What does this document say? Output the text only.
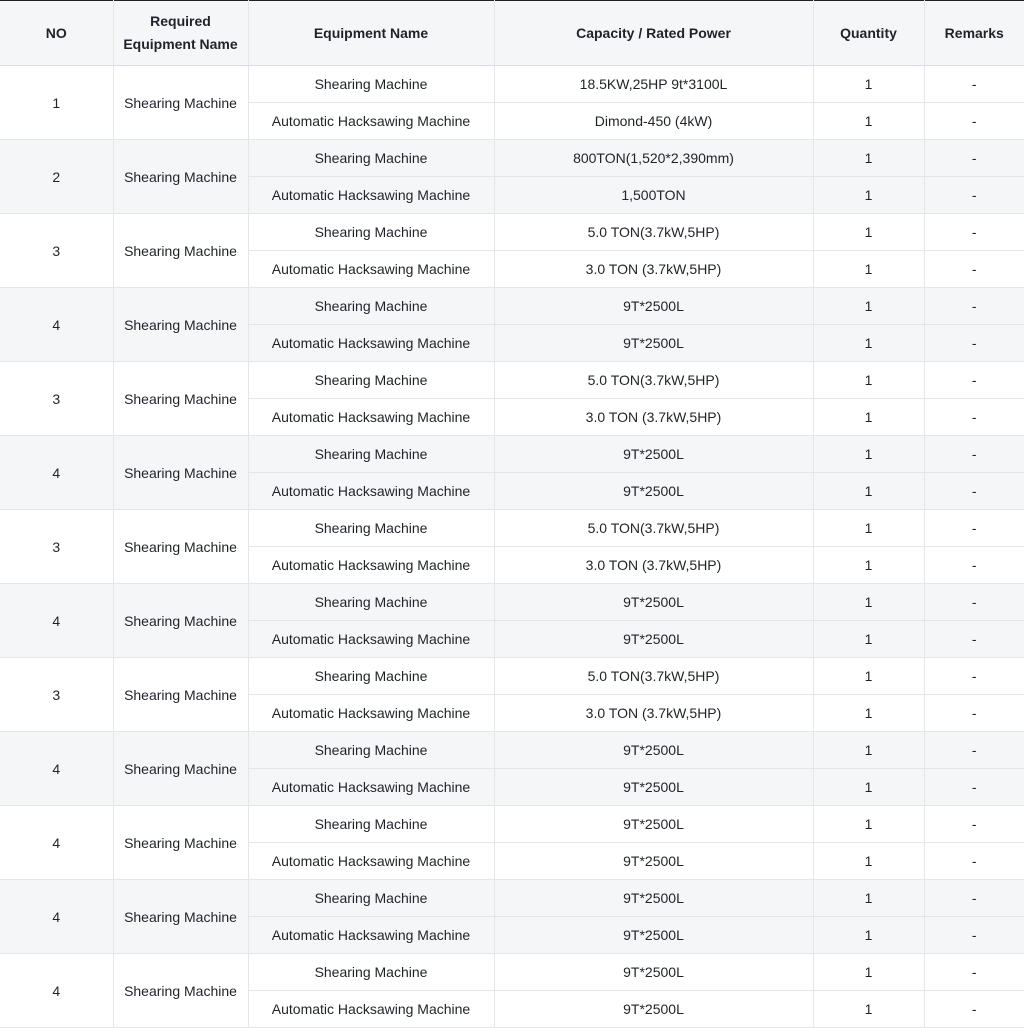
NO	Required Equipment Name	Equipment Name	Capacity / Rated Power	Quantity	Remarks
1	Shearing Machine	Shearing Machine	18.5KW,25HP 9t*3100L	1	-
		Automatic Hacksawing Machine	Dimond-450 (4kW)	1	-
2	Shearing Machine	Shearing Machine	800TON(1,520*2,390mm)	1	-
		Automatic Hacksawing Machine	1,500TON	1	-
3	Shearing Machine	Shearing Machine	5.0 TON(3.7kW,5HP)	1	-
		Automatic Hacksawing Machine	3.0 TON (3.7kW,5HP)	1	-
4	Shearing Machine	Shearing Machine	9T*2500L	1	-
		Automatic Hacksawing Machine	9T*2500L	1	-
3	Shearing Machine	Shearing Machine	5.0 TON(3.7kW,5HP)	1	-
		Automatic Hacksawing Machine	3.0 TON (3.7kW,5HP)	1	-
4	Shearing Machine	Shearing Machine	9T*2500L	1	-
		Automatic Hacksawing Machine	9T*2500L	1	-
3	Shearing Machine	Shearing Machine	5.0 TON(3.7kW,5HP)	1	-
		Automatic Hacksawing Machine	3.0 TON (3.7kW,5HP)	1	-
4	Shearing Machine	Shearing Machine	9T*2500L	1	-
		Automatic Hacksawing Machine	9T*2500L	1	-
3	Shearing Machine	Shearing Machine	5.0 TON(3.7kW,5HP)	1	-
		Automatic Hacksawing Machine	3.0 TON (3.7kW,5HP)	1	-
4	Shearing Machine	Shearing Machine	9T*2500L	1	-
		Automatic Hacksawing Machine	9T*2500L	1	-
4	Shearing Machine	Shearing Machine	9T*2500L	1	-
		Automatic Hacksawing Machine	9T*2500L	1	-
4	Shearing Machine	Shearing Machine	9T*2500L	1	-
		Automatic Hacksawing Machine	9T*2500L	1	-
4	Shearing Machine	Shearing Machine	9T*2500L	1	-
		Automatic Hacksawing Machine	9T*2500L	1	-
